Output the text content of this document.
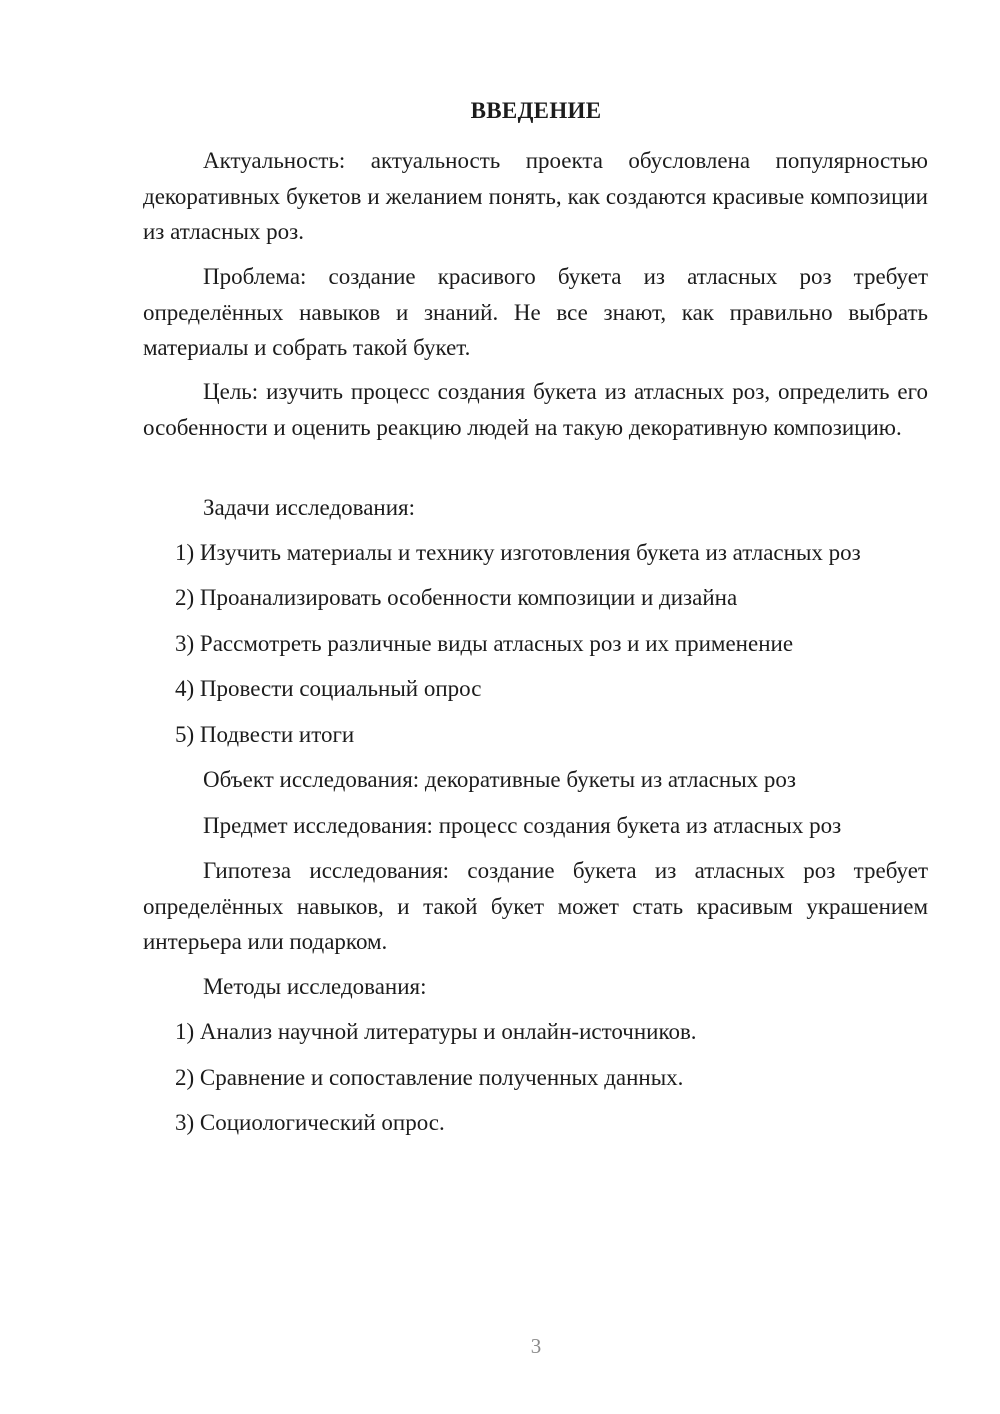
ВВЕДЕНИЕ

Актуальность: актуальность проекта обусловлена популярностью декоративных букетов и желанием понять, как создаются красивые композиции из атласных роз.

Проблема: создание красивого букета из атласных роз требует определённых навыков и знаний. Не все знают, как правильно выбрать материалы и собрать такой букет.

Цель: изучить процесс создания букета из атласных роз, определить его особенности и оценить реакцию людей на такую декоративную композицию.

Задачи исследования:

1) Изучить материалы и технику изготовления букета из атласных роз

2) Проанализировать особенности композиции и дизайна

3) Рассмотреть различные виды атласных роз и их применение

4) Провести социальный опрос

5) Подвести итоги

Объект исследования: декоративные букеты из атласных роз

Предмет исследования: процесс создания букета из атласных роз

Гипотеза исследования: создание букета из атласных роз требует определённых навыков, и такой букет может стать красивым украшением интерьера или подарком.

Методы исследования:

1) Анализ научной литературы и онлайн-источников.

2) Сравнение и сопоставление полученных данных.

3) Социологический опрос.

3
